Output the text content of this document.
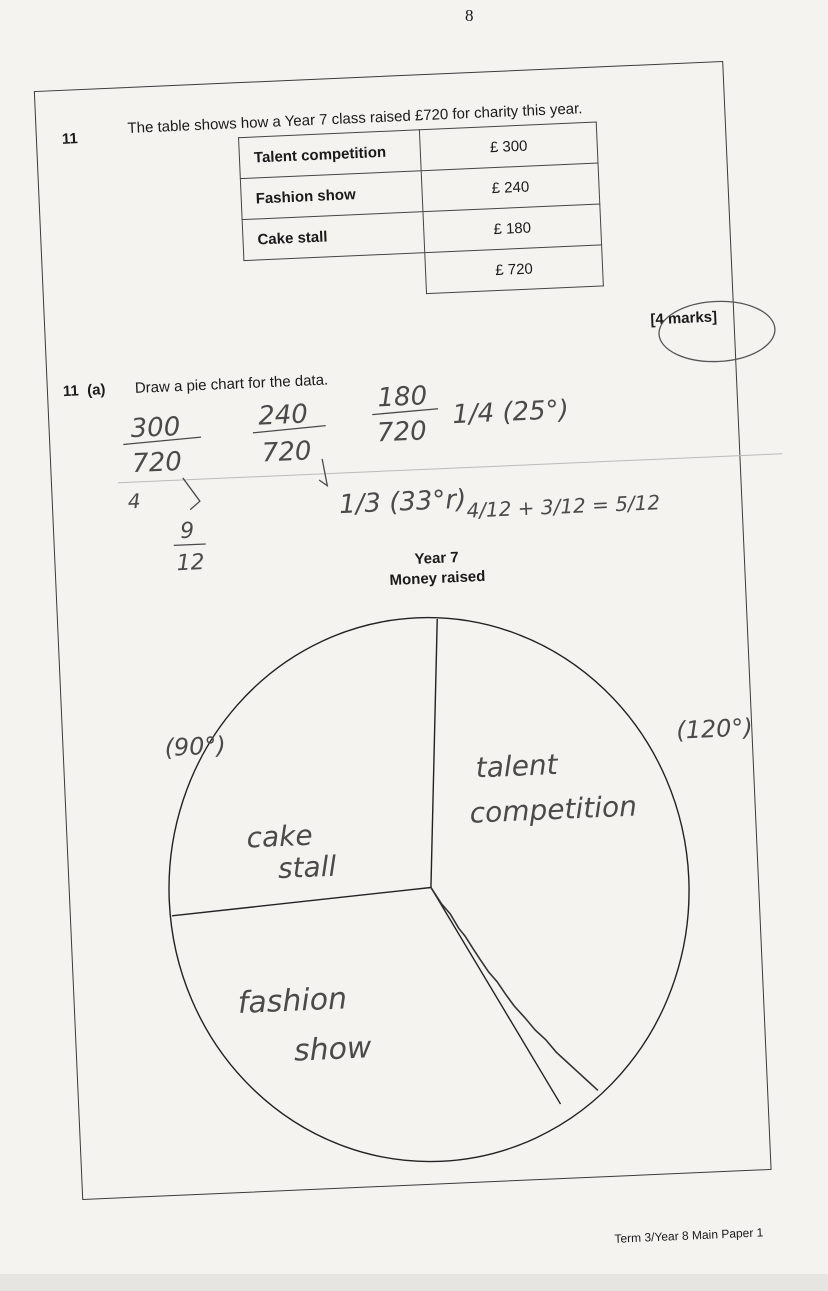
8
11
The table shows how a Year 7 class raised £720 for charity this year.
Talent competition	£ 300
Fashion show	£ 240
Cake stall	£ 180
	£ 720
11 (a) Draw a pie chart for the data.
[4 marks]
Year 7
Money raised
300
720
240
720
180
720
1/4 (25°)
4
9
12
1/3 (33°r) 4/12 + 3/12 = 5/12
(90°)
(120°)
talent
competition
cake
stall
fashion
show
Term 3/Year 8 Main Paper 1
